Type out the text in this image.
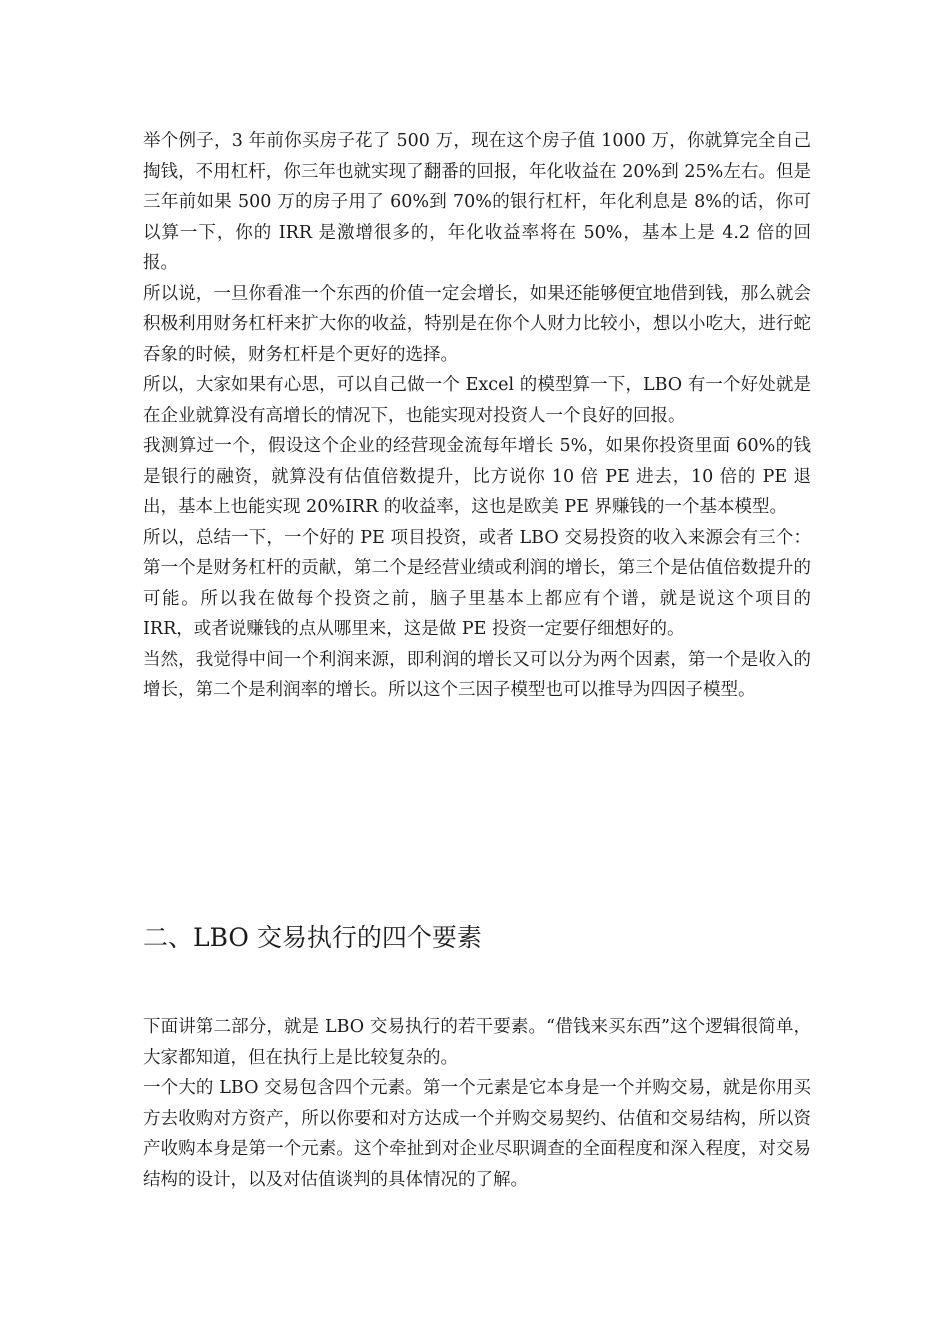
举个例子，3 年前你买房子花了 500 万，现在这个房子值 1000 万，你就算完全自己掏钱，不用杠杆，你三年也就实现了翻番的回报，年化收益在 20%到 25%左右。但是三年前如果 500 万的房子用了 60%到 70%的银行杠杆，年化利息是 8%的话，你可以算一下，你的 IRR 是激增很多的，年化收益率将在 50%，基本上是 4.2 倍的回报。

所以说，一旦你看准一个东西的价值一定会增长，如果还能够便宜地借到钱，那么就会积极利用财务杠杆来扩大你的收益，特别是在你个人财力比较小，想以小吃大，进行蛇吞象的时候，财务杠杆是个更好的选择。

所以，大家如果有心思，可以自己做一个 Excel 的模型算一下，LBO 有一个好处就是在企业就算没有高增长的情况下，也能实现对投资人一个良好的回报。

我测算过一个，假设这个企业的经营现金流每年增长 5%，如果你投资里面 60%的钱是银行的融资，就算没有估值倍数提升，比方说你 10 倍 PE 进去，10 倍的 PE 退出，基本上也能实现 20%IRR 的收益率，这也是欧美 PE 界赚钱的一个基本模型。

所以，总结一下，一个好的 PE 项目投资，或者 LBO 交易投资的收入来源会有三个：第一个是财务杠杆的贡献，第二个是经营业绩或利润的增长，第三个是估值倍数提升的可能。所以我在做每个投资之前，脑子里基本上都应有个谱，就是说这个项目的 IRR，或者说赚钱的点从哪里来，这是做 PE 投资一定要仔细想好的。

当然，我觉得中间一个利润来源，即利润的增长又可以分为两个因素，第一个是收入的增长，第二个是利润率的增长。所以这个三因子模型也可以推导为四因子模型。

二、LBO 交易执行的四个要素

下面讲第二部分，就是 LBO 交易执行的若干要素。“借钱来买东西”这个逻辑很简单，大家都知道，但在执行上是比较复杂的。

一个大的 LBO 交易包含四个元素。第一个元素是它本身是一个并购交易，就是你用买方去收购对方资产，所以你要和对方达成一个并购交易契约、估值和交易结构，所以资产收购本身是第一个元素。这个牵扯到对企业尽职调查的全面程度和深入程度，对交易结构的设计，以及对估值谈判的具体情况的了解。
